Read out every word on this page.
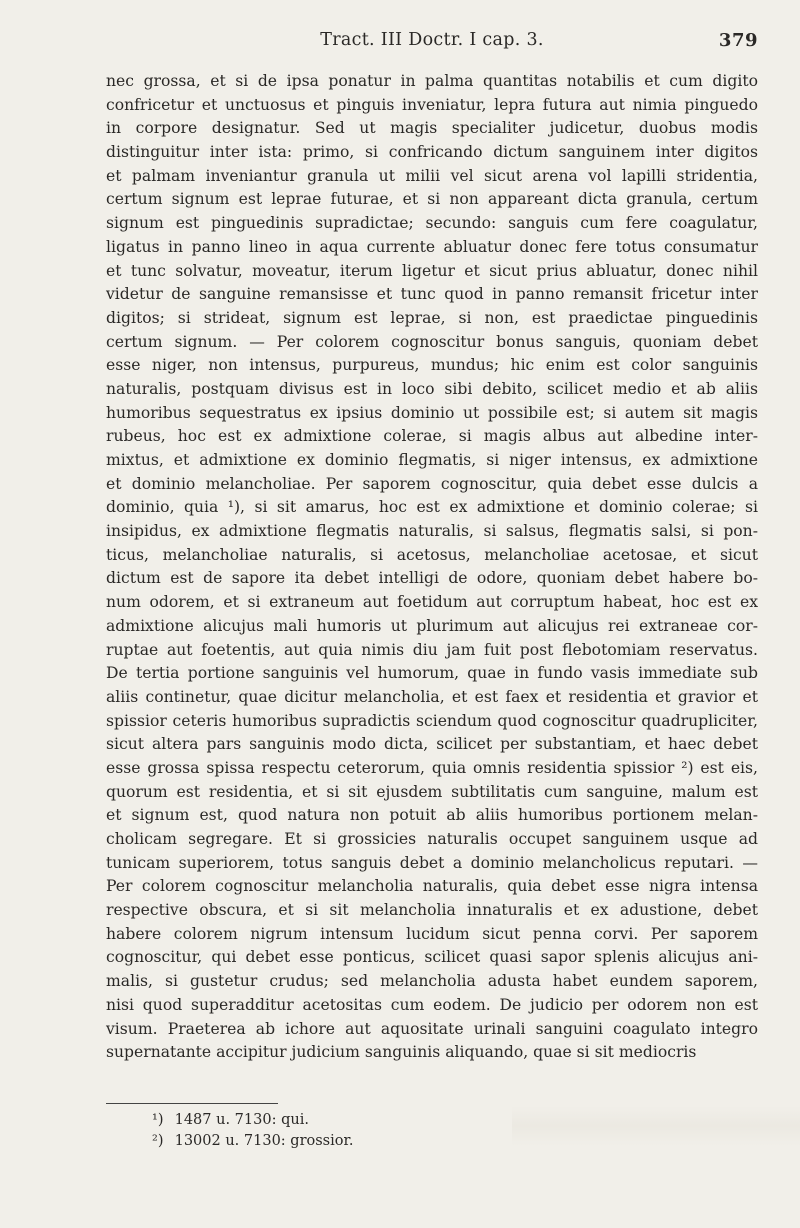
Tract. III Doctr. I cap. 3.	379
nec grossa, et si de ipsa ponatur in palma quantitas notabilis et cum digito
confricetur et unctuosus et pinguis inveniatur, lepra futura aut nimia pinguedo
in corpore designatur. Sed ut magis specialiter judicetur, duobus modis
distinguitur inter ista: primo, si confricando dictum sanguinem inter digitos
et palmam inveniantur granula ut milii vel sicut arena vol lapilli stridentia,
certum signum est leprae futurae, et si non appareant dicta granula, certum
signum est pinguedinis supradictae; secundo: sanguis cum fere coagulatur,
ligatus in panno lineo in aqua currente abluatur donec fere totus consumatur
et tunc solvatur, moveatur, iterum ligetur et sicut prius abluatur, donec nihil
videtur de sanguine remansisse et tunc quod in panno remansit fricetur inter
digitos; si strideat, signum est leprae, si non, est praedictae pinguedinis
certum signum. — Per colorem cognoscitur bonus sanguis, quoniam debet
esse niger, non intensus, purpureus, mundus; hic enim est color sanguinis
naturalis, postquam divisus est in loco sibi debito, scilicet medio et ab aliis
humoribus sequestratus ex ipsius dominio ut possibile est; si autem sit magis
rubeus, hoc est ex admixtione colerae, si magis albus aut albedine inter-
mixtus, et admixtione ex dominio flegmatis, si niger intensus, ex admixtione
et dominio melancholiae. Per saporem cognoscitur, quia debet esse dulcis a
dominio, quia ¹), si sit amarus, hoc est ex admixtione et dominio colerae; si
insipidus, ex admixtione flegmatis naturalis, si salsus, flegmatis salsi, si pon-
ticus, melancholiae naturalis, si acetosus, melancholiae acetosae, et sicut
dictum est de sapore ita debet intelligi de odore, quoniam debet habere bo-
num odorem, et si extraneum aut foetidum aut corruptum habeat, hoc est ex
admixtione alicujus mali humoris ut plurimum aut alicujus rei extraneae cor-
ruptae aut foetentis, aut quia nimis diu jam fuit post flebotomiam reservatus.
De tertia portione sanguinis vel humorum, quae in fundo vasis immediate sub
aliis continetur, quae dicitur melancholia, et est faex et residentia et gravior et
spissior ceteris humoribus supradictis sciendum quod cognoscitur quadrupliciter,
sicut altera pars sanguinis modo dicta, scilicet per substantiam, et haec debet
esse grossa spissa respectu ceterorum, quia omnis residentia spissior ²) est eis,
quorum est residentia, et si sit ejusdem subtilitatis cum sanguine, malum est
et signum est, quod natura non potuit ab aliis humoribus portionem melan-
cholicam segregare. Et si grossicies naturalis occupet sanguinem usque ad
tunicam superiorem, totus sanguis debet a dominio melancholicus reputari. —
Per colorem cognoscitur melancholia naturalis, quia debet esse nigra intensa
respective obscura, et si sit melancholia innaturalis et ex adustione, debet
habere colorem nigrum intensum lucidum sicut penna corvi. Per saporem
cognoscitur, qui debet esse ponticus, scilicet quasi sapor splenis alicujus ani-
malis, si gustetur crudus; sed melancholia adusta habet eundem saporem,
nisi quod superadditur acetositas cum eodem. De judicio per odorem non est
visum. Praeterea ab ichore aut aquositate urinali sanguini coagulato integro
supernatante accipitur judicium sanguinis aliquando, quae si sit mediocris
¹) 1487 u. 7130: qui.
²) 13002 u. 7130: grossior.
